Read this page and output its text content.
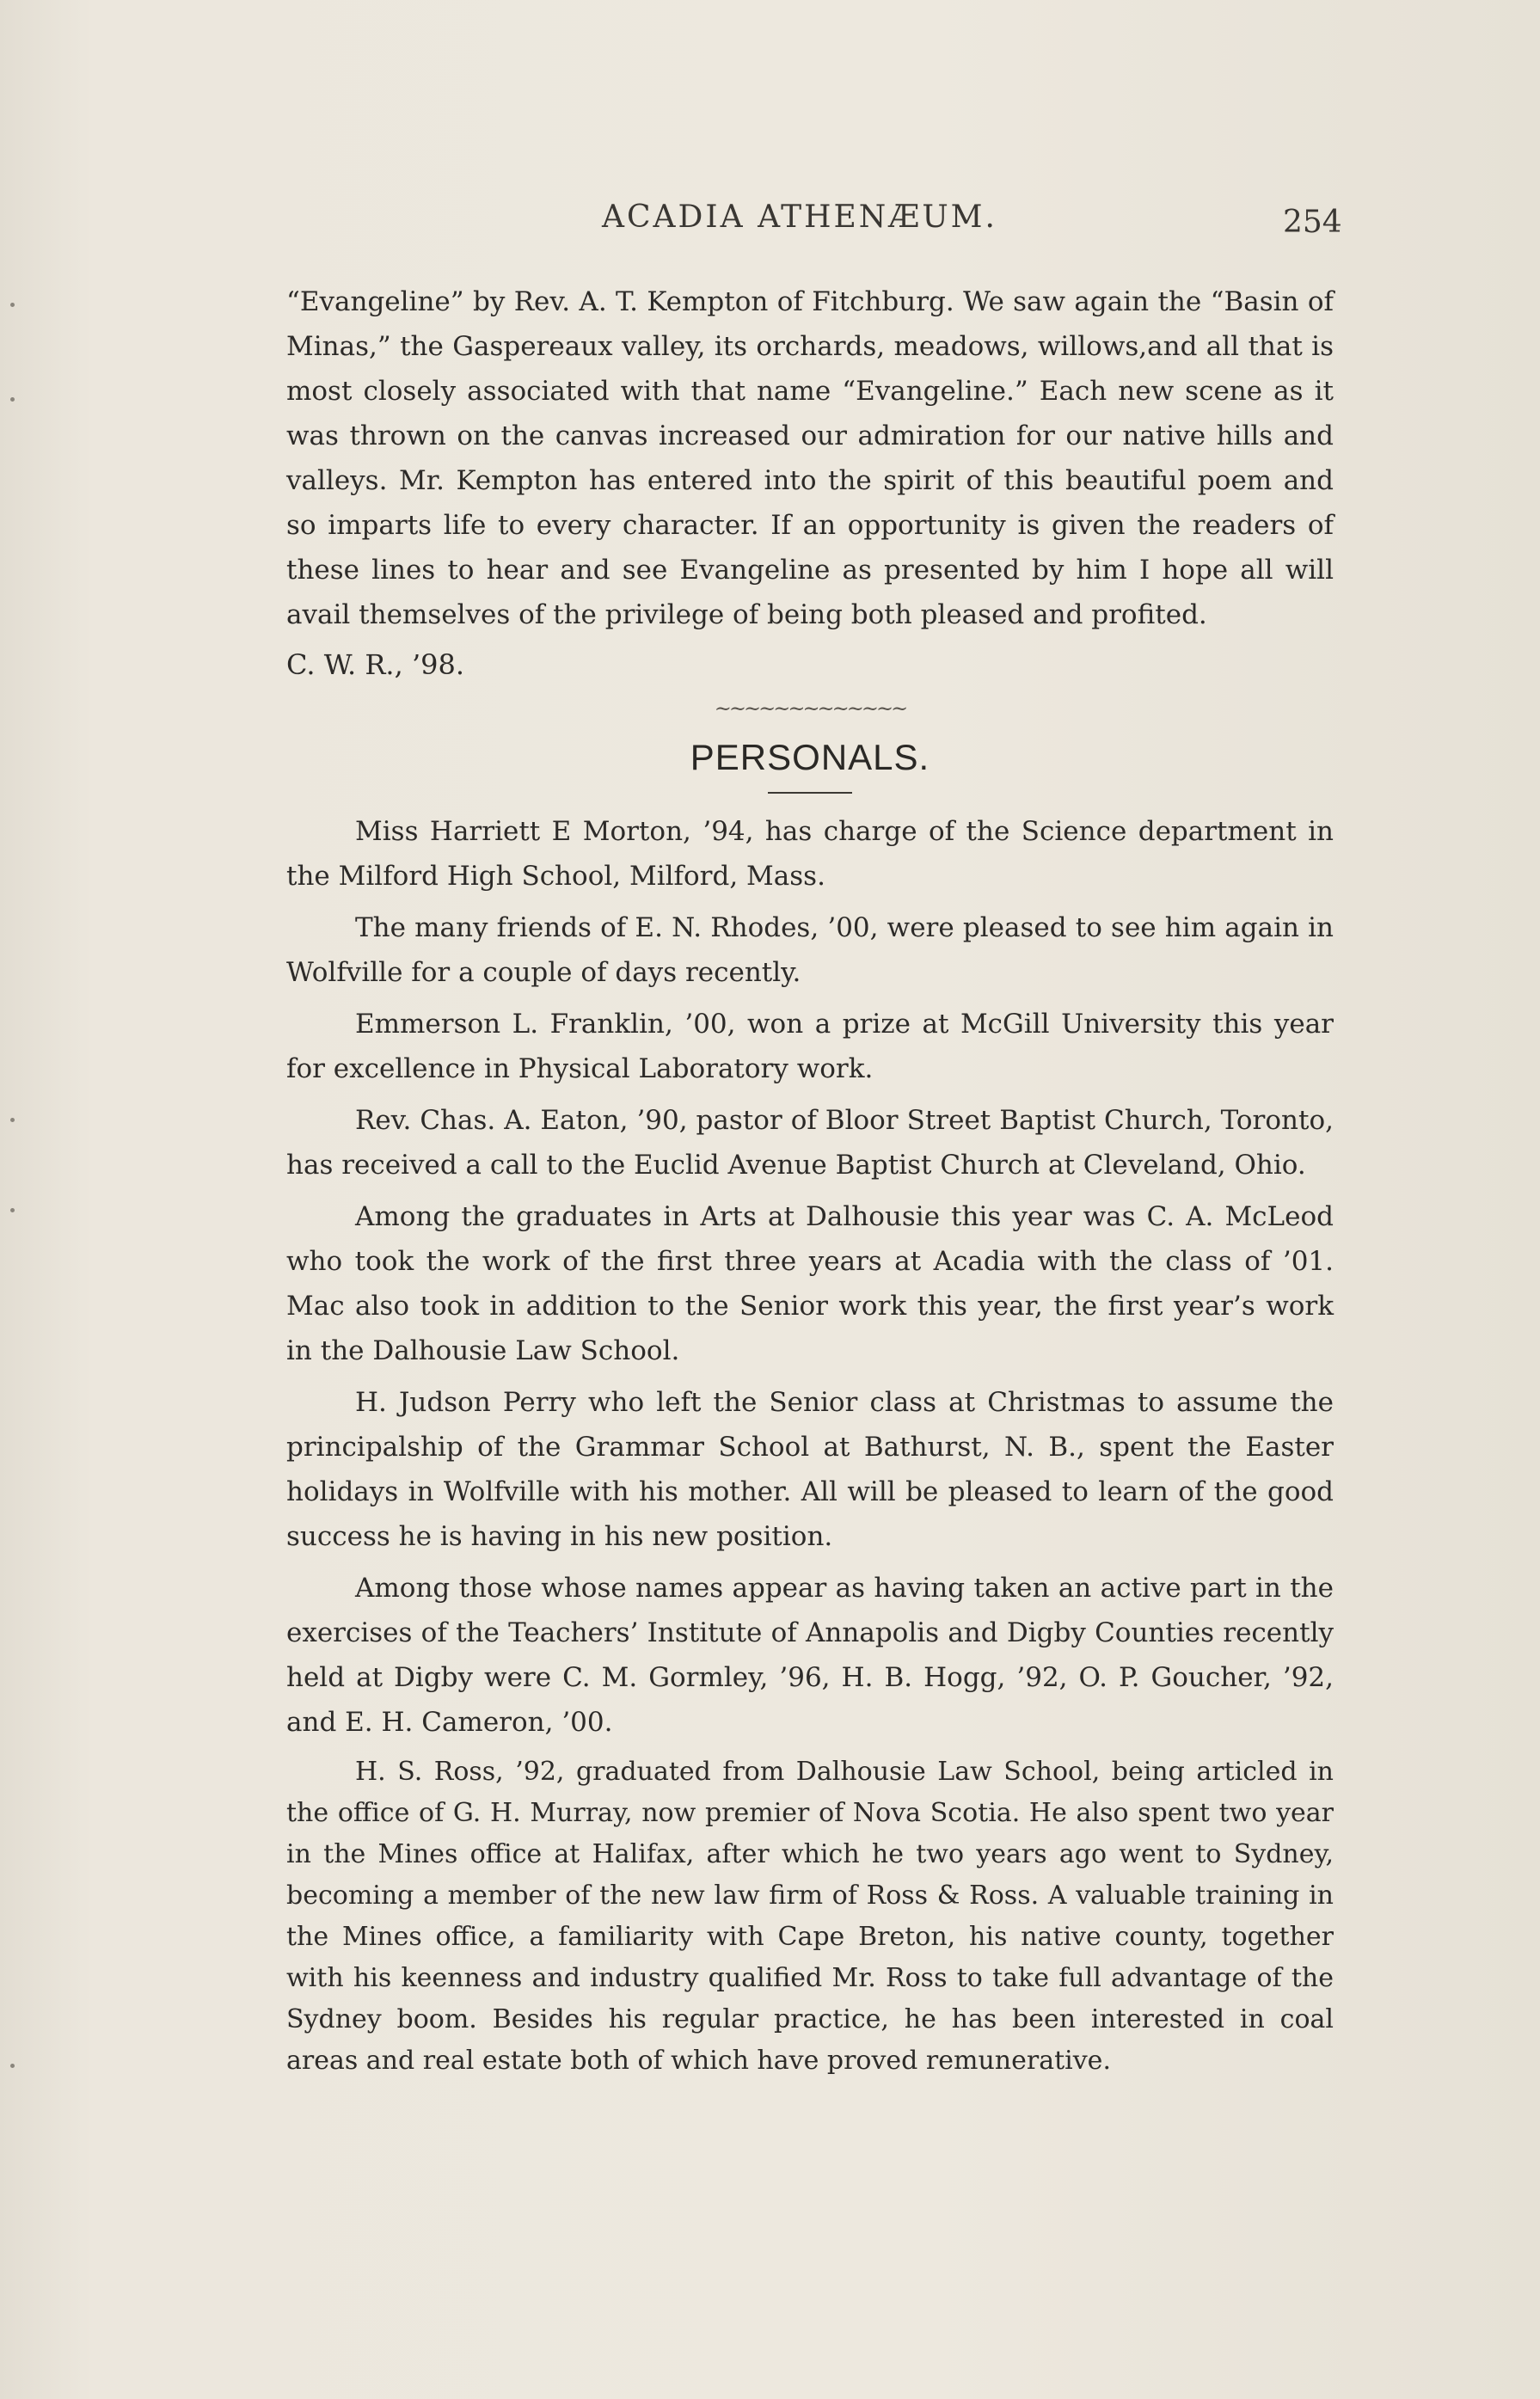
ACADIA ATHENÆUM.	254

“Evangeline” by Rev. A. T. Kempton of Fitchburg. We saw again the “Basin of Minas,” the Gaspereaux valley, its orchards, meadows, willows,and all that is most closely associated with that name “Evangeline.” Each new scene as it was thrown on the canvas increased our admiration for our native hills and valleys. Mr. Kempton has entered into the spirit of this beautiful poem and so imparts life to every character. If an opportunity is given the readers of these lines to hear and see Evangeline as presented by him I hope all will avail themselves of the privilege of being both pleased and profited.

C. W. R., ’98.

~~~~~~~~~~~~~
PERSONALS.

Miss Harriett E Morton, ’94, has charge of the Science department in the Milford High School, Milford, Mass.

The many friends of E. N. Rhodes, ’00, were pleased to see him again in Wolfville for a couple of days recently.

Emmerson L. Franklin, ’00, won a prize at McGill University this year for excellence in Physical Laboratory work.

Rev. Chas. A. Eaton, ’90, pastor of Bloor Street Baptist Church, Toronto, has received a call to the Euclid Avenue Baptist Church at Cleveland, Ohio.

Among the graduates in Arts at Dalhousie this year was C. A. McLeod who took the work of the first three years at Acadia with the class of ’01. Mac also took in addition to the Senior work this year, the first year’s work in the Dalhousie Law School.

H. Judson Perry who left the Senior class at Christmas to assume the principalship of the Grammar School at Bathurst, N. B., spent the Easter holidays in Wolfville with his mother. All will be pleased to learn of the good success he is having in his new position.

Among those whose names appear as having taken an active part in the exercises of the Teachers’ Institute of Annapolis and Digby Counties recently held at Digby were C. M. Gormley, ’96, H. B. Hogg, ’92, O. P. Goucher, ’92, and E. H. Cameron, ’00.

H. S. Ross, ’92, graduated from Dalhousie Law School, being articled in the office of G. H. Murray, now premier of Nova Scotia. He also spent two year in the Mines office at Halifax, after which he two years ago went to Sydney, becoming a member of the new law firm of Ross & Ross. A valuable training in the Mines office, a familiarity with Cape Breton, his native county, together with his keenness and industry qualified Mr. Ross to take full advantage of the Sydney boom. Besides his regular practice, he has been interested in coal areas and real estate both of which have proved remunerative.
